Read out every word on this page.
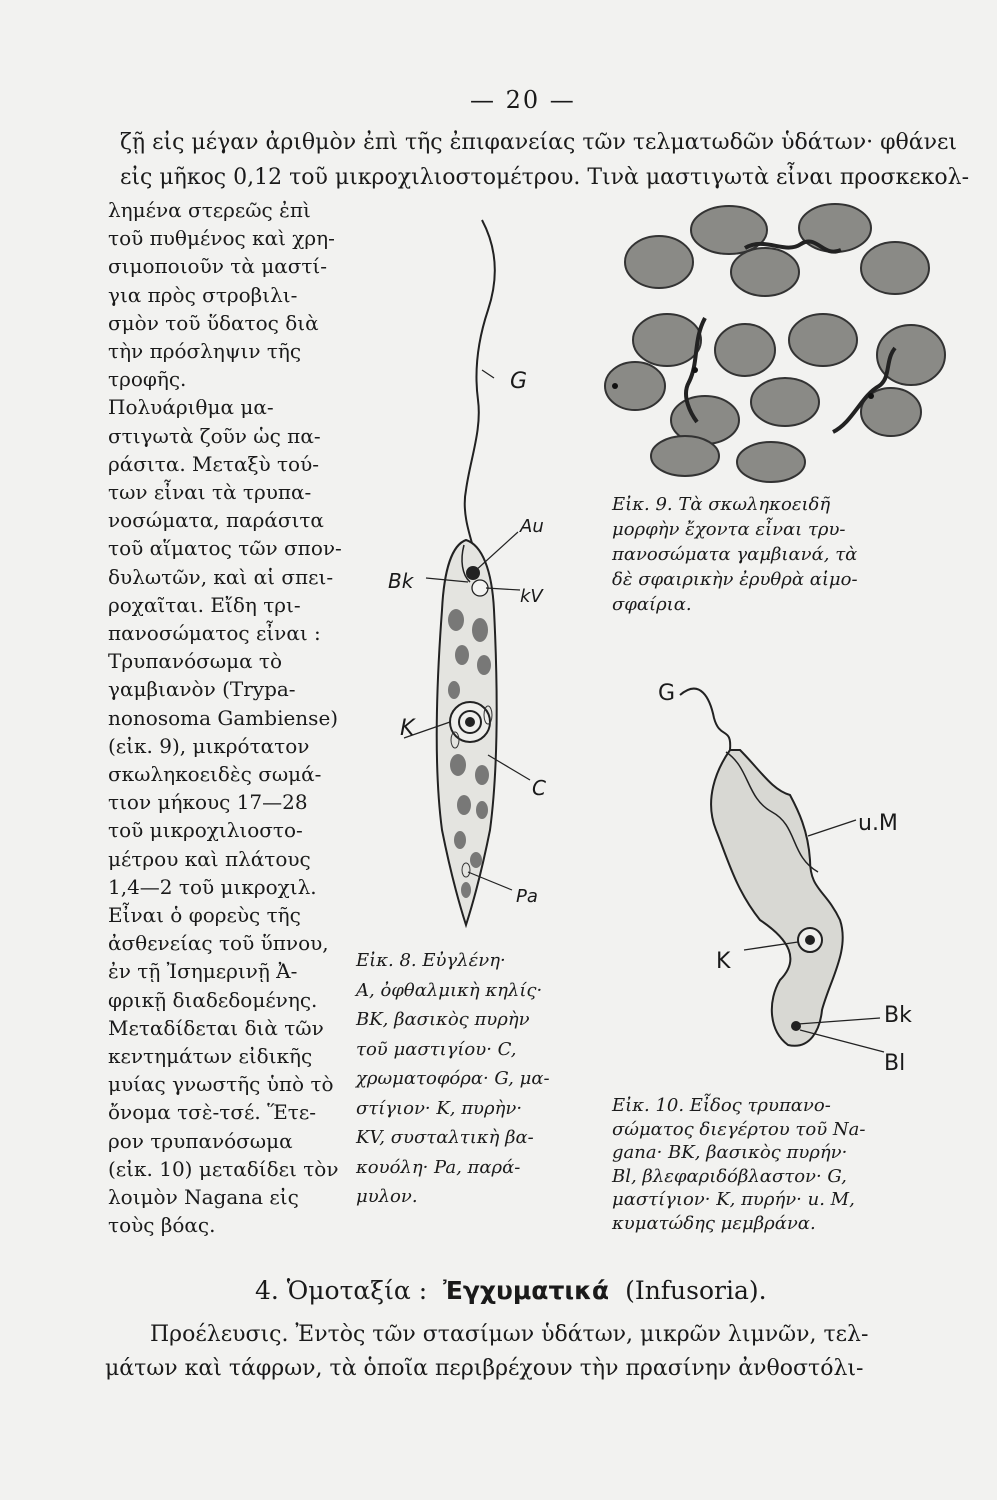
— 20 —
ζῇ εἰς μέγαν ἀριθμὸν ἐπὶ τῆς ἐπιφανείας τῶν τελματωδῶν ὑδάτων· φθάνει
εἰς μῆκος 0,12 τοῦ μικροχιλιοστομέτρου. Τινὰ μαστιγωτὰ εἶναι προσκεκολ-
λημένα στερεῶς ἐπὶ
τοῦ πυθμένος καὶ χρη-
σιμοποιοῦν τὰ μαστί-
για πρὸς στροβιλι-
σμὸν τοῦ ὕδατος διὰ
τὴν πρόσληψιν τῆς
τροφῆς.
Πολυάριθμα μα-
στιγωτὰ ζοῦν ὡς πα-
ράσιτα. Μεταξὺ τού-
των εἶναι τὰ τρυπα-
νοσώματα, παράσιτα
τοῦ αἵματος τῶν σπον-
δυλωτῶν, καὶ αἱ σπει-
ροχαῖται. Εἴδη τρι-
πανοσώματος εἶναι :
Τρυπανόσωμα τὸ
γαμβιανὸν (Trypa-
nonosoma Gambiense)
(εἰκ. 9), μικρότατον
σκωληκοειδὲς σωμά-
τιον μήκους 17—28
τοῦ μικροχιλιοστο-
μέτρου καὶ πλάτους
1,4—2 τοῦ μικροχιλ.
Εἶναι ὁ φορεὺς τῆς
ἀσθενείας τοῦ ὕπνου,
ἐν τῇ Ἰσημερινῇ Ἀ-
φρικῇ διαδεδομένης.
Μεταδίδεται διὰ τῶν
κεντημάτων εἰδικῆς
μυίας γνωστῆς ὑπὸ τὸ
ὄνομα τσὲ-τσέ. Ἕτε-
ρον τρυπανόσωμα
(εἰκ. 10) μεταδίδει τὸν
λοιμὸν Nagana εἰς
τοὺς βόας.
G
Au
Bk
kV
K
C
Pa
Εἰκ. 8. Εὐγλένη·
A, ὀφθαλμικὴ κηλίς·
BK, βασικὸς πυρὴν
τοῦ μαστιγίου· C,
χρωματοφόρα· G, μα-
στίγιον· K, πυρὴν·
KV, συσταλτικὴ βα-
κουόλη· Pa, παρά-
μυλον.
Εἰκ. 9. Τὰ σκωληκοειδῆ
μορφὴν ἔχοντα εἶναι τρυ-
πανοσώματα γαμβιανά, τὰ
δὲ σφαιρικὴν ἐρυθρὰ αἱμο-
σφαίρια.
G
u.M
K
Bk
Bl
Εἰκ. 10. Εἶδος τρυπανο-
σώματος διεγέρτου τοῦ Na-
gana· BK, βασικὸς πυρήν·
Bl, βλεφαριδόβλαστον· G,
μαστίγιον· K, πυρήν· u. M,
κυματώδης μεμβράνα.
4. Ὁμοταξία : Ἐγχυματικά (Infusoria).
Προέλευσις. Ἐντὸς τῶν στασίμων ὑδάτων, μικρῶν λιμνῶν, τελ-
μάτων καὶ τάφρων, τὰ ὁποῖα περιβρέχουν τὴν πρασίνην ἀνθοστόλι-
